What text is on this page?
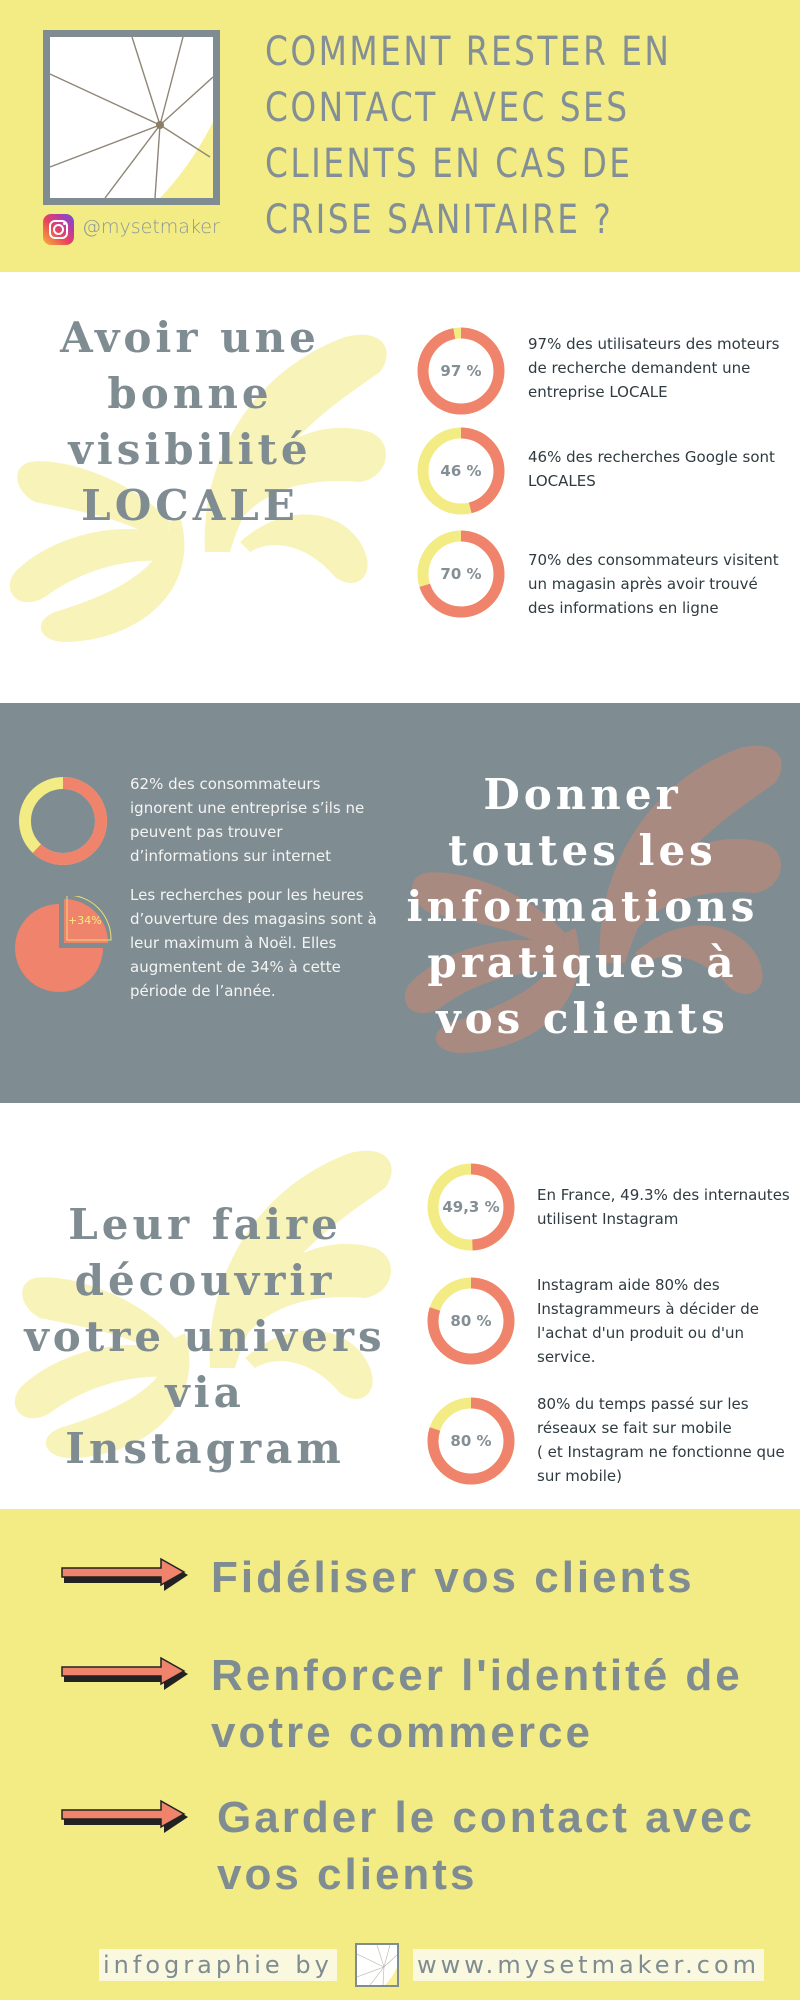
@mysetmaker
COMMENT RESTER EN
CONTACT AVEC SES
CLIENTS EN CAS DE
CRISE SANITAIRE ?
Avoir une
bonne
visibilité
LOCALE
97 %
97% des utilisateurs des moteurs
de recherche demandent une
entreprise LOCALE
46 %
46% des recherches Google sont
LOCALES
70 %
70% des consommateurs visitent
un magasin après avoir trouvé
des informations en ligne
Donner
toutes les
informations
pratiques à
vos clients
62% des consommateurs
ignorent une entreprise s’ils ne
peuvent pas trouver
d’informations sur internet
+34%
Les recherches pour les heures
d’ouverture des magasins sont à
leur maximum à Noël. Elles
augmentent de 34% à cette
période de l’année.
Leur faire
découvrir
votre univers
via Instagram
49,3 %
En France, 49.3% des internautes
utilisent Instagram
80 %
Instagram aide 80% des
Instagrammeurs à décider de
l'achat d'un produit ou d'un
service.
80 %
80% du temps passé sur les
réseaux se fait sur mobile
( et Instagram ne fonctionne que
sur mobile)
Fidéliser vos clients
Renforcer l'identité de
votre commerce
Garder le contact avec
vos clients
infographie by	www.mysetmaker.com
